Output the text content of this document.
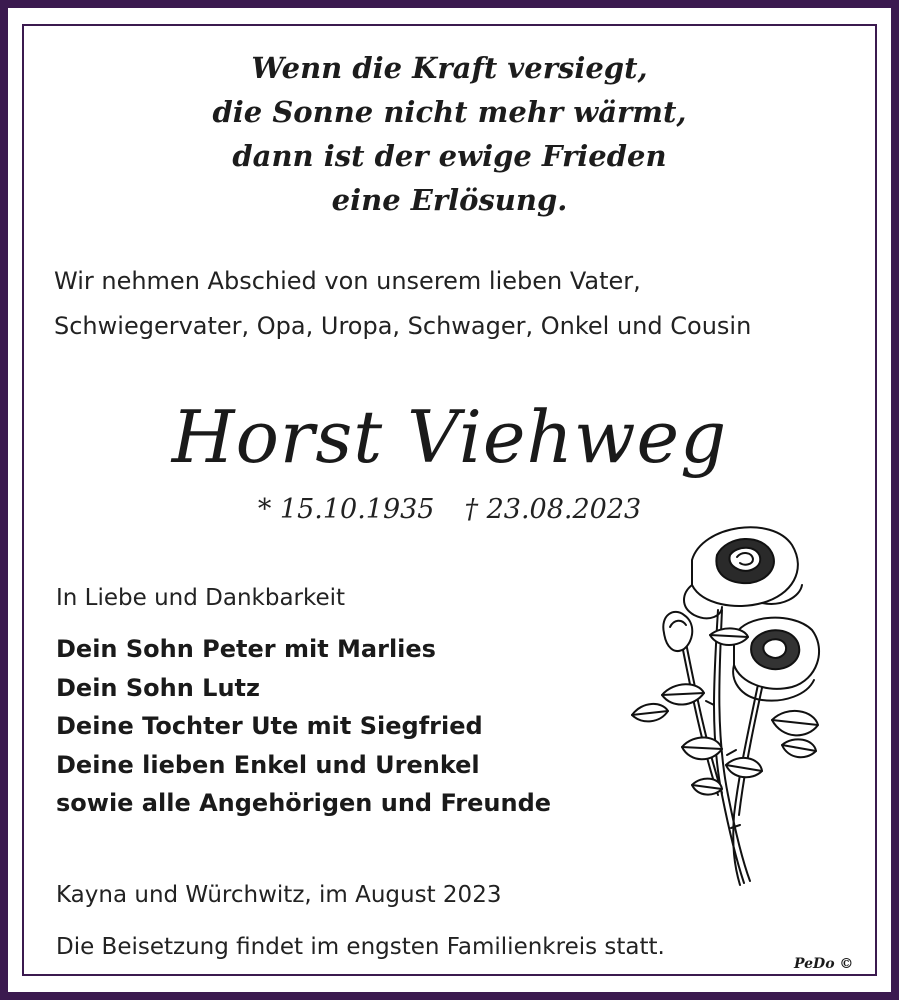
Wenn die Kraft versiegt,
die Sonne nicht mehr wärmt,
dann ist der ewige Frieden
eine Erlösung.
Wir nehmen Abschied von unserem lieben Vater,
Schwiegervater, Opa, Uropa, Schwager, Onkel und Cousin
Horst Viehweg
* 15.10.1935 † 23.08.2023
In Liebe und Dankbarkeit
Dein Sohn Peter mit Marlies
Dein Sohn Lutz
Deine Tochter Ute mit Siegfried
Deine lieben Enkel und Urenkel
sowie alle Angehörigen und Freunde
Kayna und Würchwitz, im August 2023
Die Beisetzung findet im engsten Familienkreis statt.
PeDo ©
